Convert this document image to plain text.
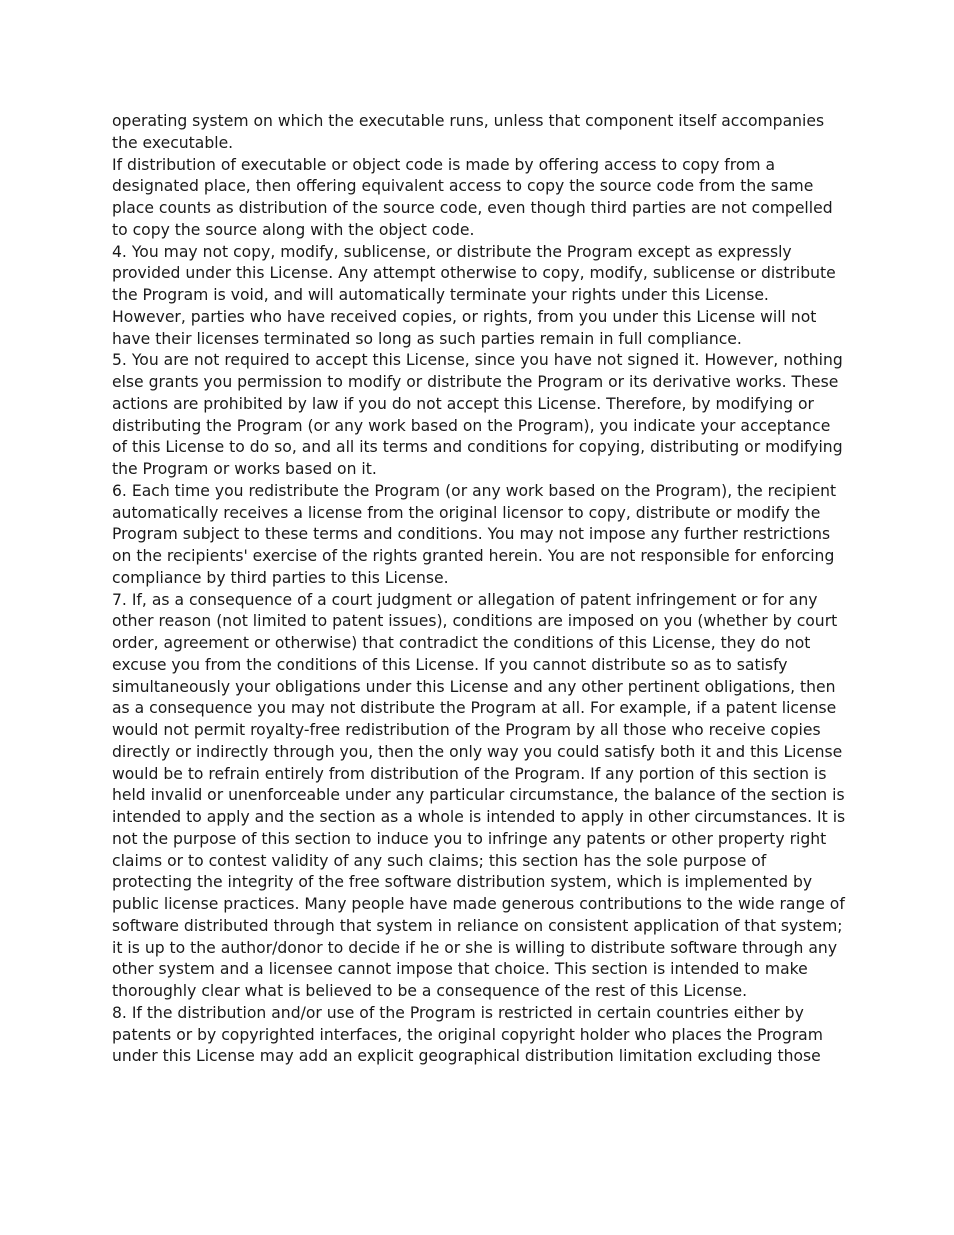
operating system on which the executable runs, unless that component itself accompanies the executable.

If distribution of executable or object code is made by offering access to copy from a designated place, then offering equivalent access to copy the source code from the same place counts as distribution of the source code, even though third parties are not compelled to copy the source along with the object code.

4. You may not copy, modify, sublicense, or distribute the Program except as expressly provided under this License. Any attempt otherwise to copy, modify, sublicense or distribute the Program is void, and will automatically terminate your rights under this License. However, parties who have received copies, or rights, from you under this License will not have their licenses terminated so long as such parties remain in full compliance.

5. You are not required to accept this License, since you have not signed it. However, nothing else grants you permission to modify or distribute the Program or its derivative works. These actions are prohibited by law if you do not accept this License. Therefore, by modifying or distributing the Program (or any work based on the Program), you indicate your acceptance of this License to do so, and all its terms and conditions for copying, distributing or modifying the Program or works based on it.

6. Each time you redistribute the Program (or any work based on the Program), the recipient automatically receives a license from the original licensor to copy, distribute or modify the Program subject to these terms and conditions. You may not impose any further restrictions on the recipients' exercise of the rights granted herein. You are not responsible for enforcing compliance by third parties to this License.

7. If, as a consequence of a court judgment or allegation of patent infringement or for any other reason (not limited to patent issues), conditions are imposed on you (whether by court order, agreement or otherwise) that contradict the conditions of this License, they do not excuse you from the conditions of this License. If you cannot distribute so as to satisfy simultaneously your obligations under this License and any other pertinent obligations, then as a consequence you may not distribute the Program at all. For example, if a patent license would not permit royalty-free redistribution of the Program by all those who receive copies directly or indirectly through you, then the only way you could satisfy both it and this License would be to refrain entirely from distribution of the Program. If any portion of this section is held invalid or unenforceable under any particular circumstance, the balance of the section is intended to apply and the section as a whole is intended to apply in other circumstances. It is not the purpose of this section to induce you to infringe any patents or other property right claims or to contest validity of any such claims; this section has the sole purpose of protecting the integrity of the free software distribution system, which is implemented by public license practices. Many people have made generous contributions to the wide range of software distributed through that system in reliance on consistent application of that system; it is up to the author/donor to decide if he or she is willing to distribute software through any other system and a licensee cannot impose that choice. This section is intended to make thoroughly clear what is believed to be a consequence of the rest of this License.

8. If the distribution and/or use of the Program is restricted in certain countries either by patents or by copyrighted interfaces, the original copyright holder who places the Program under this License may add an explicit geographical distribution limitation excluding those
